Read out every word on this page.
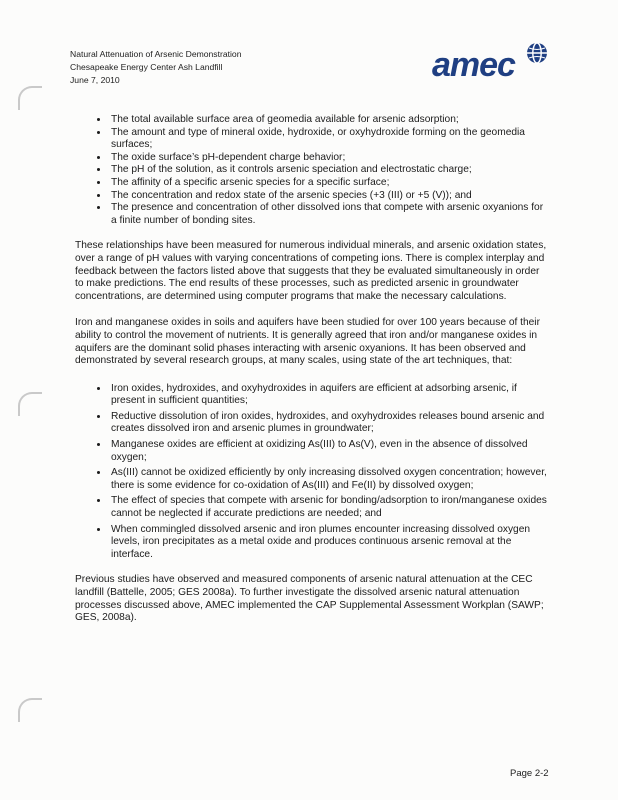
Natural Attenuation of Arsenic Demonstration
Chesapeake Energy Center Ash Landfill
June 7, 2010	amec
• The total available surface area of geomedia available for arsenic adsorption;
• The amount and type of mineral oxide, hydroxide, or oxyhydroxide forming on the geomedia surfaces;
• The oxide surface’s pH-dependent charge behavior;
• The pH of the solution, as it controls arsenic speciation and electrostatic charge;
• The affinity of a specific arsenic species for a specific surface;
• The concentration and redox state of the arsenic species (+3 (III) or +5 (V)); and
• The presence and concentration of other dissolved ions that compete with arsenic oxyanions for a finite number of bonding sites.

These relationships have been measured for numerous individual minerals, and arsenic oxidation states, over a range of pH values with varying concentrations of competing ions. There is complex interplay and feedback between the factors listed above that suggests that they be evaluated simultaneously in order to make predictions. The end results of these processes, such as predicted arsenic in groundwater concentrations, are determined using computer programs that make the necessary calculations.

Iron and manganese oxides in soils and aquifers have been studied for over 100 years because of their ability to control the movement of nutrients. It is generally agreed that iron and/or manganese oxides in aquifers are the dominant solid phases interacting with arsenic oxyanions. It has been observed and demonstrated by several research groups, at many scales, using state of the art techniques, that:

• Iron oxides, hydroxides, and oxyhydroxides in aquifers are efficient at adsorbing arsenic, if present in sufficient quantities;
• Reductive dissolution of iron oxides, hydroxides, and oxyhydroxides releases bound arsenic and creates dissolved iron and arsenic plumes in groundwater;
• Manganese oxides are efficient at oxidizing As(III) to As(V), even in the absence of dissolved oxygen;
• As(III) cannot be oxidized efficiently by only increasing dissolved oxygen concentration; however, there is some evidence for co-oxidation of As(III) and Fe(II) by dissolved oxygen;
• The effect of species that compete with arsenic for bonding/adsorption to iron/manganese oxides cannot be neglected if accurate predictions are needed; and
• When commingled dissolved arsenic and iron plumes encounter increasing dissolved oxygen levels, iron precipitates as a metal oxide and produces continuous arsenic removal at the interface.

Previous studies have observed and measured components of arsenic natural attenuation at the CEC landfill (Battelle, 2005; GES 2008a). To further investigate the dissolved arsenic natural attenuation processes discussed above, AMEC implemented the CAP Supplemental Assessment Workplan (SAWP; GES, 2008a).

Page 2-2
